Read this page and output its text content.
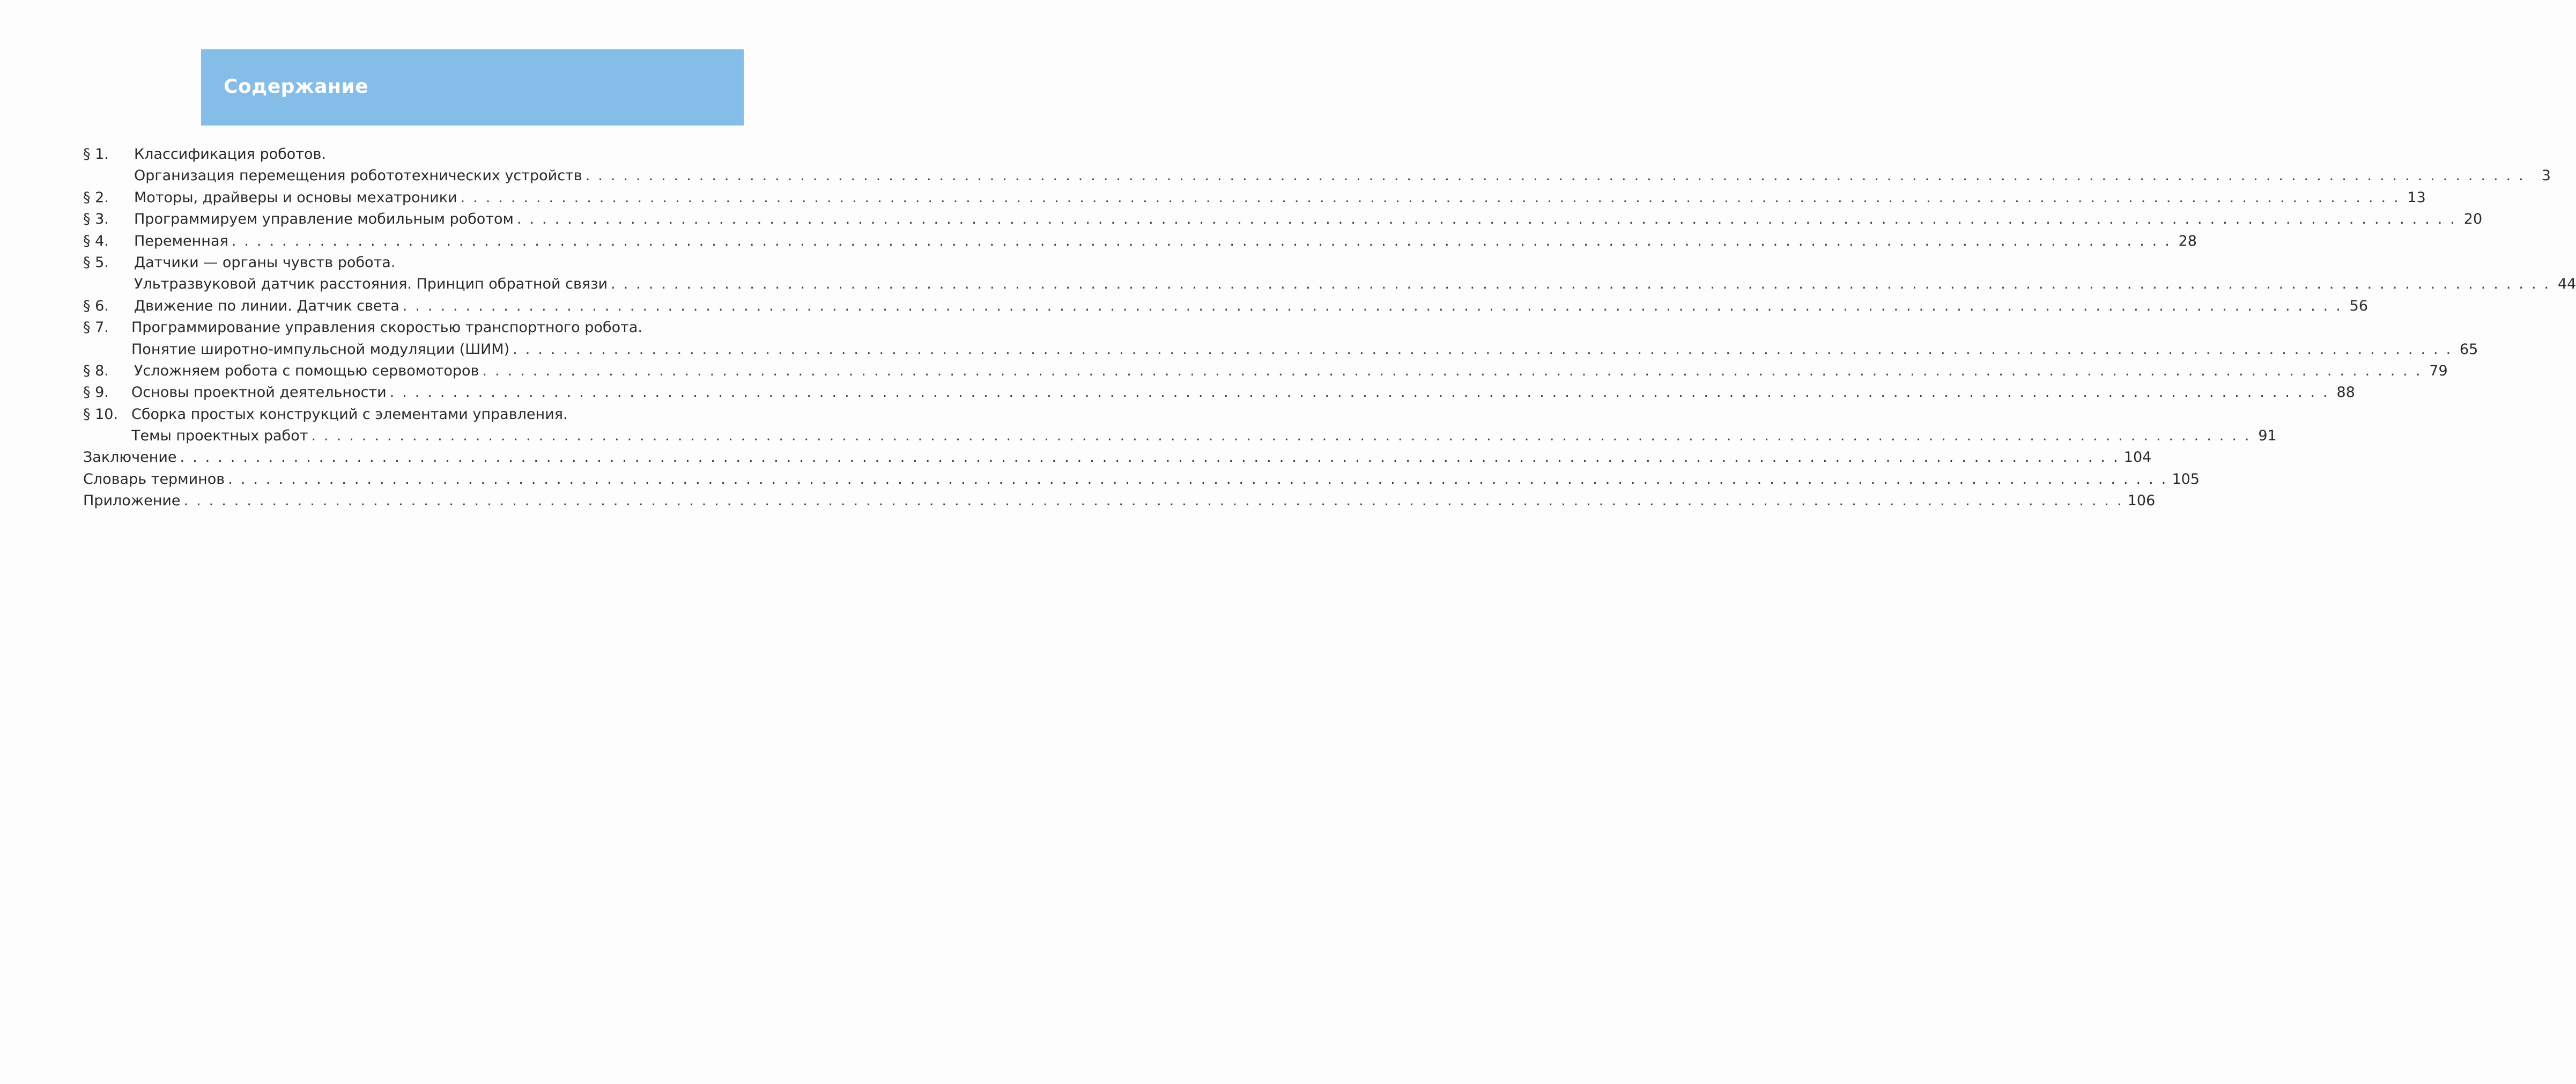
Содержание
§ 1.	Классификация роботов.
Организация перемещения робототехнических устройств . . .	3
§ 2.	Моторы, драйверы и основы мехатроники . . .	13
§ 3.	Программируем управление мобильным роботом . . .	20
§ 4.	Переменная . . .	28
§ 5.	Датчики — органы чувств робота.
Ультразвуковой датчик расстояния. Принцип обратной связи . . .	44
§ 6.	Движение по линии. Датчик света . . .	56
§ 7.	Программирование управления скоростью транспортного робота.
Понятие широтно-импульсной модуляции (ШИМ) . . .	65
§ 8.	Усложняем робота с помощью сервомоторов . . .	79
§ 9.	Основы проектной деятельности . . .	88
§ 10. Сборка простых конструкций с элементами управления.
Темы проектных работ . . .	91
Заключение . . .	104
Словарь терминов . . .	105
Приложение . . .	106
